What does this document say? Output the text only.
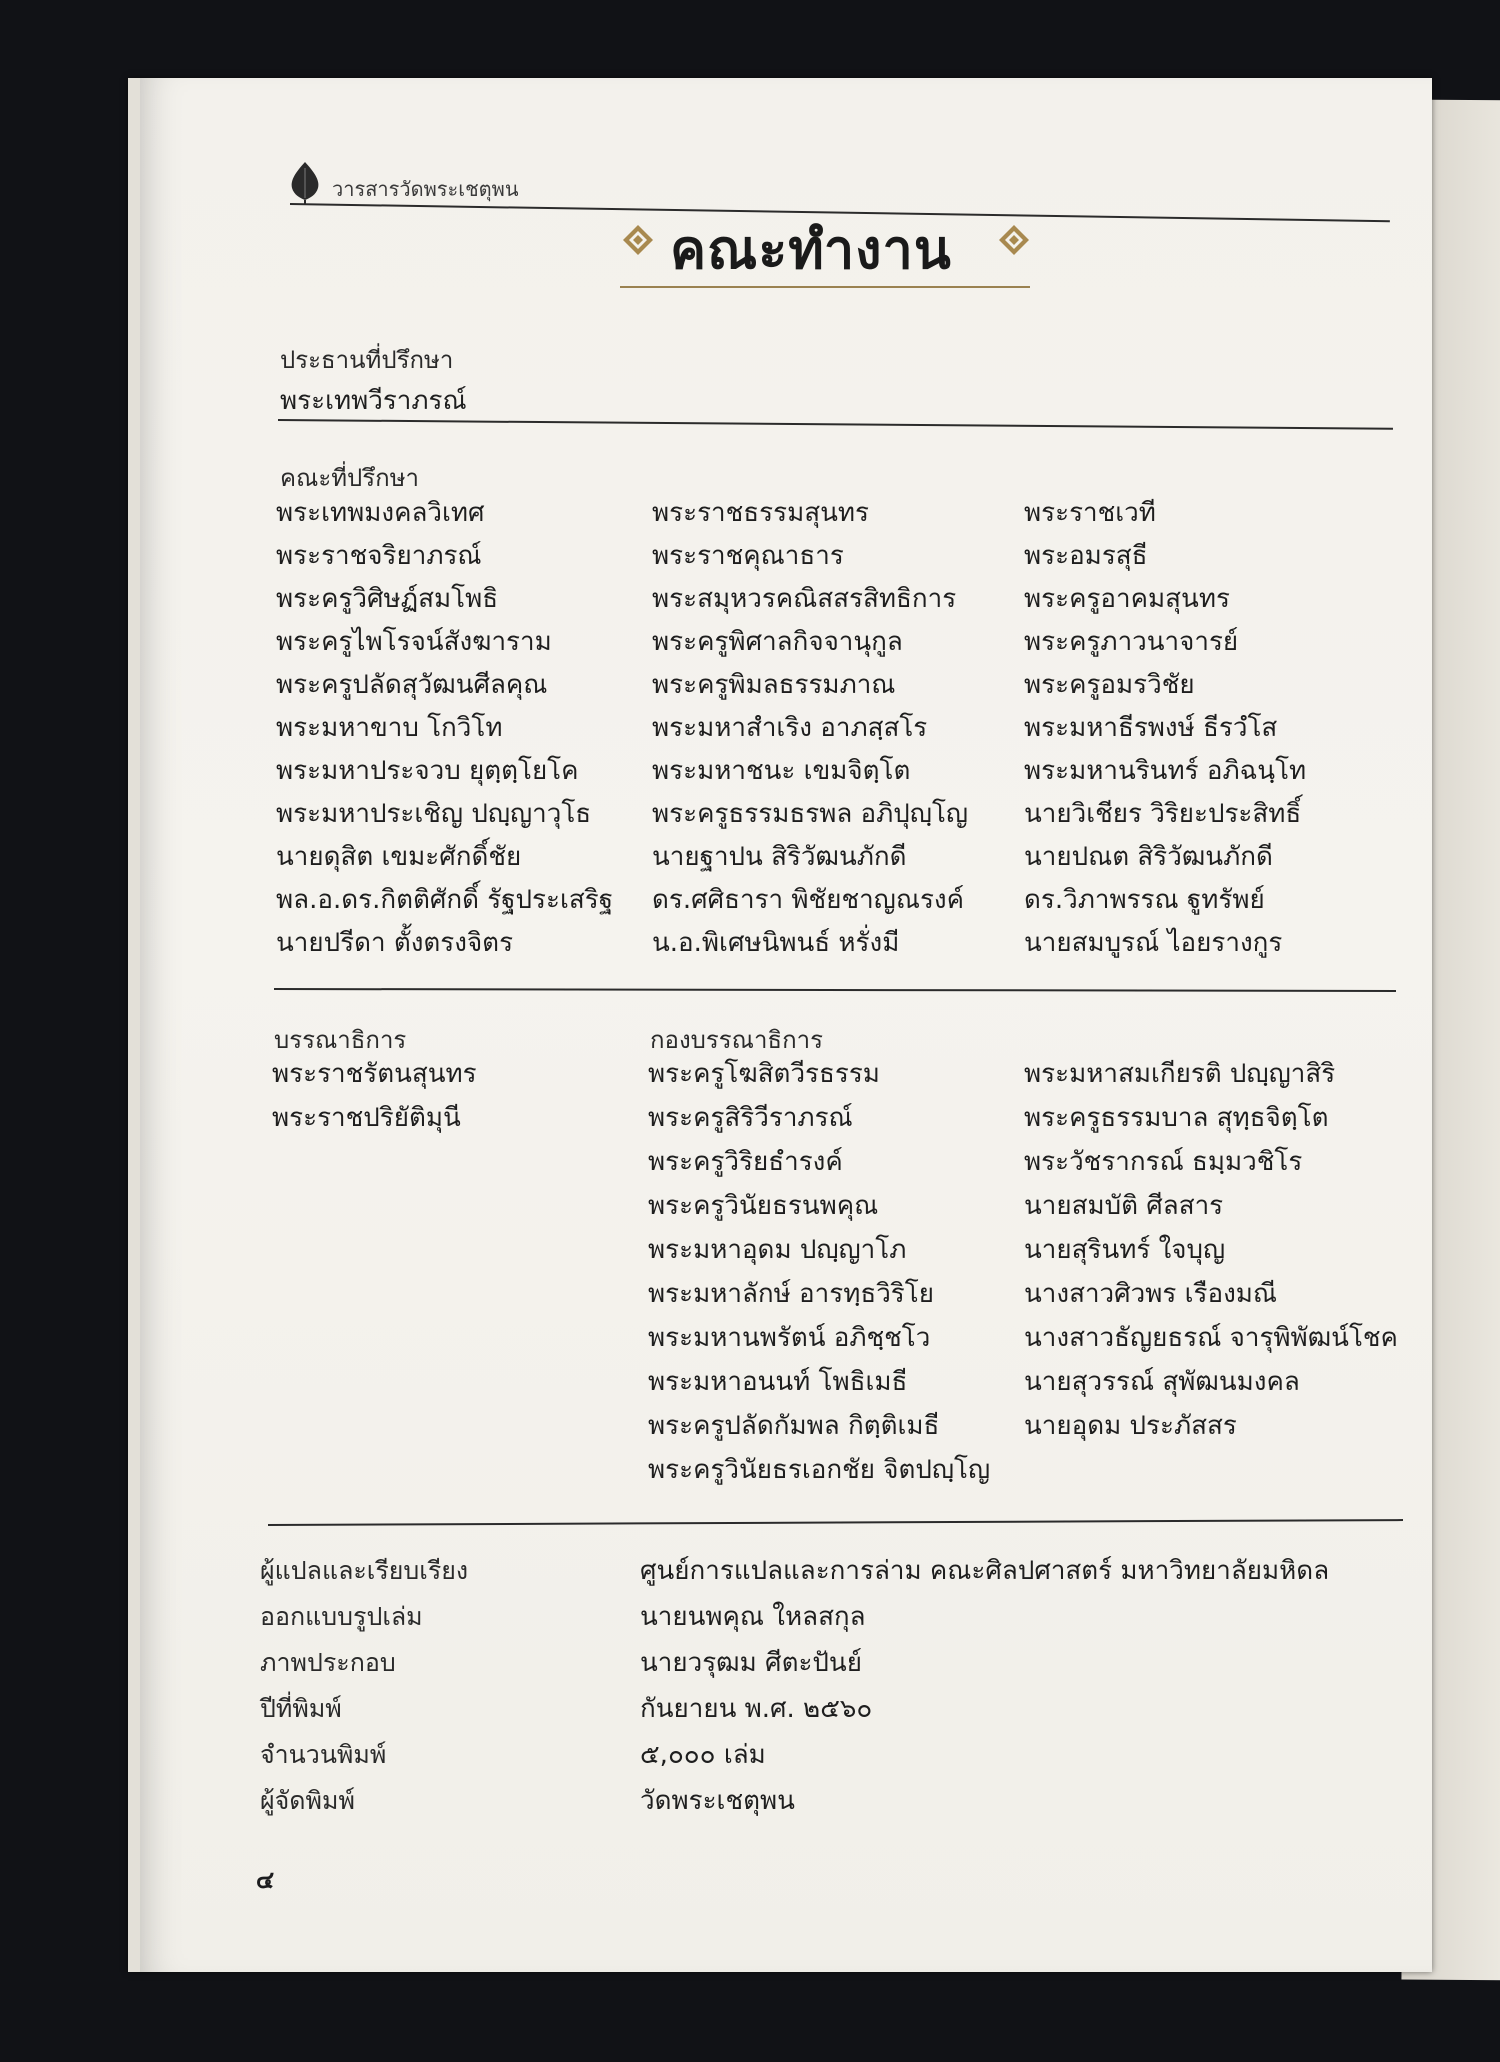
วารสารวัดพระเชตุพน
คณะทำงาน
ประธานที่ปรึกษา
พระเทพวีราภรณ์
คณะที่ปรึกษา
พระเทพมงคลวิเทศ
พระราชจริยาภรณ์
พระครูวิศิษฏ์สมโพธิ
พระครูไพโรจน์สังฆาราม
พระครูปลัดสุวัฒนศีลคุณ
พระมหาขาบ โกวิโท
พระมหาประจวบ ยุตฺตฺโยโค
พระมหาประเชิญ ปญฺญาวุโธ
นายดุสิต เขมะศักดิ์ชัย
พล.อ.ดร.กิตติศักดิ์ รัฐประเสริฐ
นายปรีดา ตั้งตรงจิตร
พระราชธรรมสุนทร
พระราชคุณาธาร
พระสมุหวรคณิสสรสิทธิการ
พระครูพิศาลกิจจานุกูล
พระครูพิมลธรรมภาณ
พระมหาสำเริง อาภสฺสโร
พระมหาชนะ เขมจิตฺโต
พระครูธรรมธรพล อภิปุญฺโญ
นายฐาปน สิริวัฒนภักดี
ดร.ศศิธารา พิชัยชาญณรงค์
น.อ.พิเศษนิพนธ์ หรั่งมี
พระราชเวที
พระอมรสุธี
พระครูอาคมสุนทร
พระครูภาวนาจารย์
พระครูอมรวิชัย
พระมหาธีรพงษ์ ธีรวํโส
พระมหานรินทร์ อภิฉนฺโท
นายวิเชียร วิริยะประสิทธิ์
นายปณต สิริวัฒนภักดี
ดร.วิภาพรรณ ฐูทรัพย์
นายสมบูรณ์ ไอยรางกูร
บรรณาธิการ
พระราชรัตนสุนทร
พระราชปริยัติมุนี
กองบรรณาธิการ
พระครูโฆสิตวีรธรรม
พระครูสิริวีราภรณ์
พระครูวิริยธำรงค์
พระครูวินัยธรนพคุณ
พระมหาอุดม ปญฺญาโภ
พระมหาลักษ์ อารทฺธวิริโย
พระมหานพรัตน์ อภิชฺชโว
พระมหาอนนท์ โพธิเมธี
พระครูปลัดกัมพล กิตฺติเมธี
พระครูวินัยธรเอกชัย จิตปญฺโญ
พระมหาสมเกียรติ ปญฺญาสิริ
พระครูธรรมบาล สุทฺธจิตฺโต
พระวัชรากรณ์ ธมฺมวชิโร
นายสมบัติ ศีลสาร
นายสุรินทร์ ใจบุญ
นางสาวศิวพร เรืองมณี
นางสาวธัญยธรณ์ จารุพิพัฒน์โชค
นายสุวรรณ์ สุพัฒนมงคล
นายอุดม ประภัสสร
ผู้แปลและเรียบเรียง
ออกแบบรูปเล่ม
ภาพประกอบ
ปีที่พิมพ์
จำนวนพิมพ์
ผู้จัดพิมพ์
ศูนย์การแปลและการล่าม คณะศิลปศาสตร์ มหาวิทยาลัยมหิดล
นายนพคุณ ใหลสกุล
นายวรุฒม ศีตะปันย์
กันยายน พ.ศ. ๒๕๖๐
๕,๐๐๐ เล่ม
วัดพระเชตุพน
๔
